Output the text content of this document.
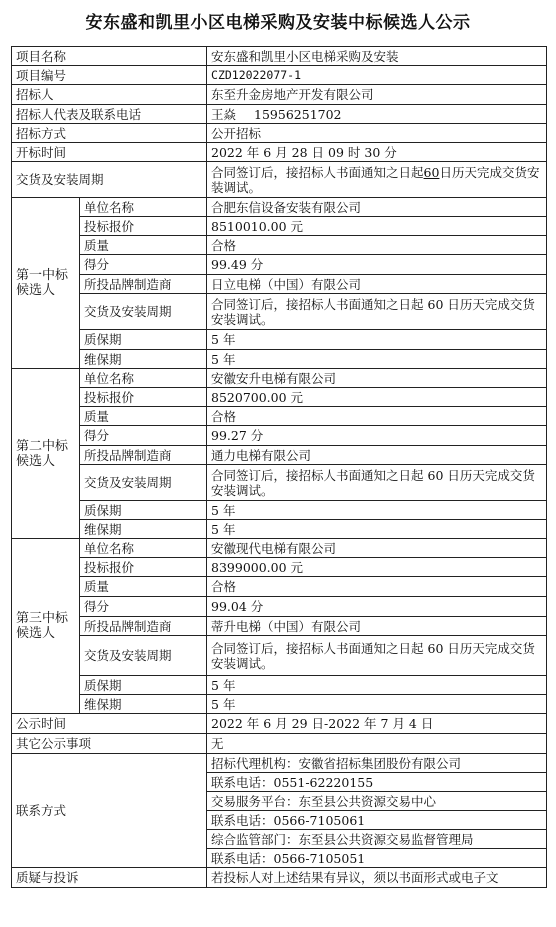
安东盛和凯里小区电梯采购及安装中标候选人公示
项目名称		安东盛和凯里小区电梯采购及安装
项目编号		CZD12022077-1
招标人		东至升金房地产开发有限公司
招标人代表及联系电话		王焱 15956251702
招标方式		公开招标
开标时间		2022 年 6 月 28 日 09 时 30 分
交货及安装周期		合同签订后，接招标人书面通知之日起60日历天完成交货安装调试。
第一中标候选人	单位名称	合肥东信设备安装有限公司
	投标报价	8510010.00 元
	质量	合格
	得分	99.49 分
	所投品牌制造商	日立电梯（中国）有限公司
	交货及安装周期	合同签订后，接招标人书面通知之日起 60 日历天完成交货安装调试。
	质保期	5 年
	维保期	5 年
第二中标候选人	单位名称	安徽安升电梯有限公司
	投标报价	8520700.00 元
	质量	合格
	得分	99.27 分
	所投品牌制造商	通力电梯有限公司
	交货及安装周期	合同签订后，接招标人书面通知之日起 60 日历天完成交货安装调试。
	质保期	5 年
	维保期	5 年
第三中标候选人	单位名称	安徽现代电梯有限公司
	投标报价	8399000.00 元
	质量	合格
	得分	99.04 分
	所投品牌制造商	蒂升电梯（中国）有限公司
	交货及安装周期	合同签订后，接招标人书面通知之日起 60 日历天完成交货安装调试。
	质保期	5 年
	维保期	5 年
公示时间		2022 年 6 月 29 日-2022 年 7 月 4 日
其它公示事项		无
联系方式		招标代理机构：安徽省招标集团股份有限公司
		联系电话：0551-62220155
		交易服务平台：东至县公共资源交易中心
		联系电话：0566-7105061
		综合监管部门：东至县公共资源交易监督管理局
		联系电话：0566-7105051
质疑与投诉		若投标人对上述结果有异议，须以书面形式或电子文
